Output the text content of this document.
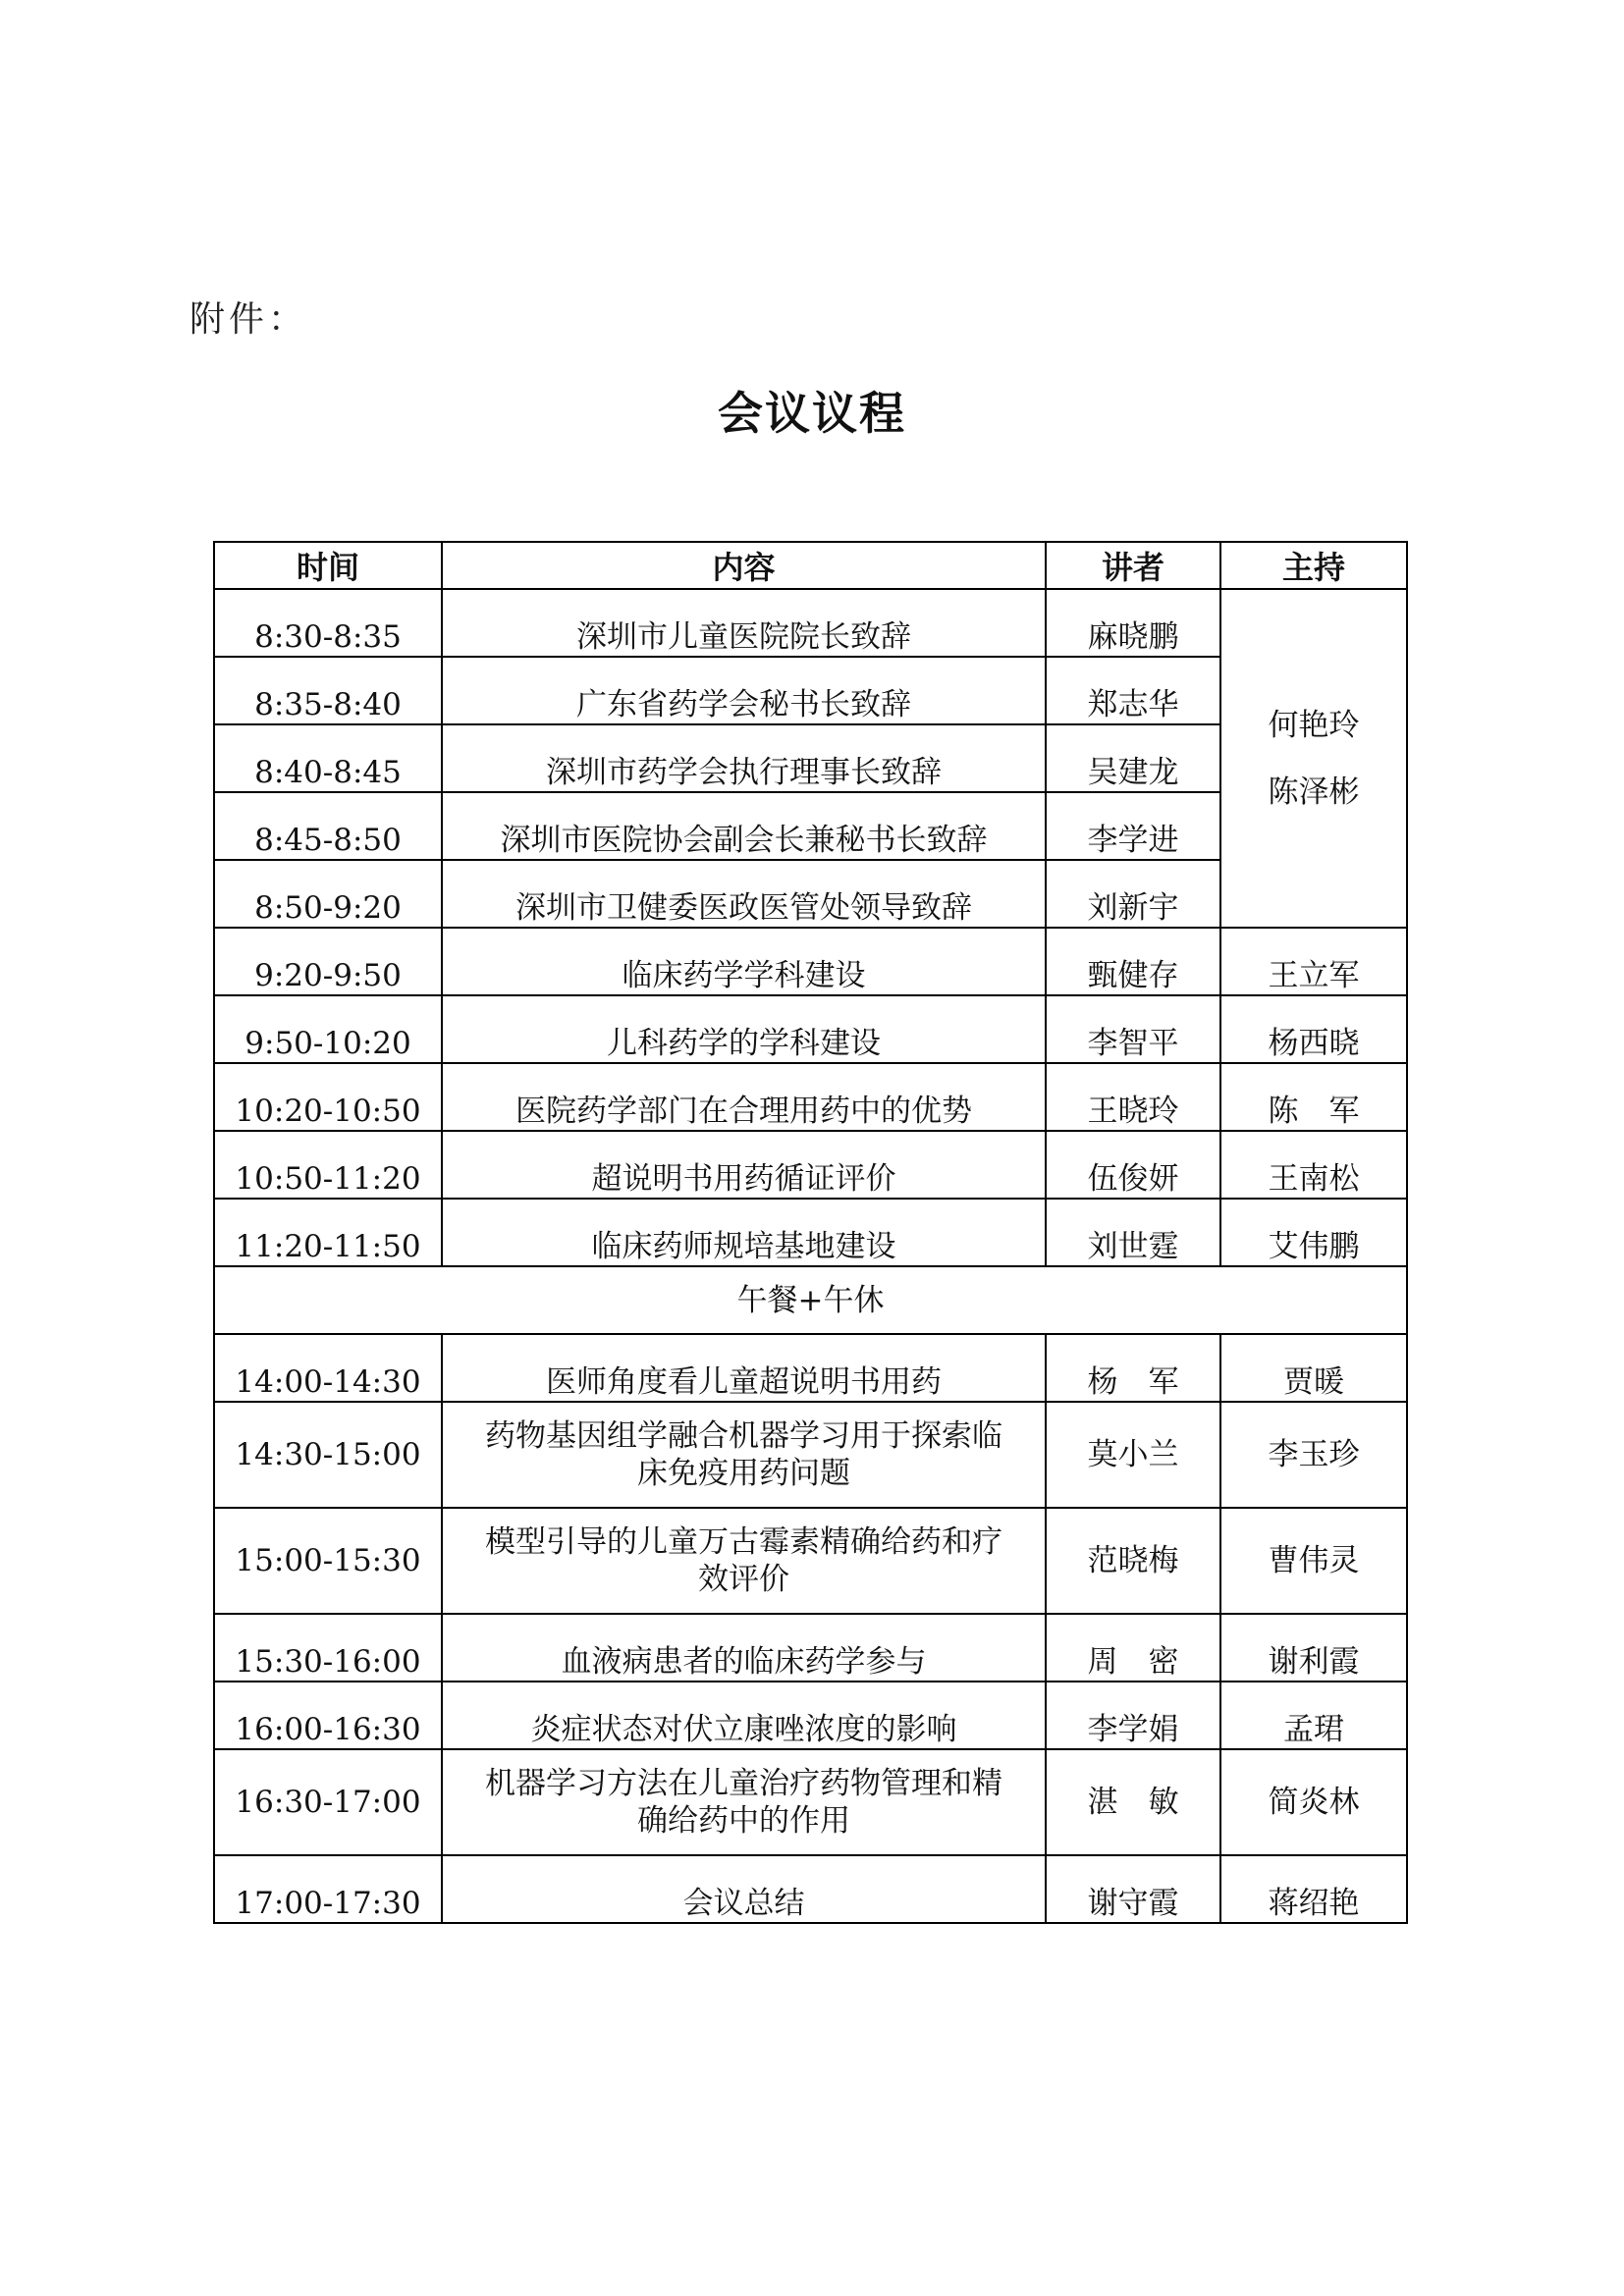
附件：
会议议程
时间	内容	讲者	主持
8:30-8:35	深圳市儿童医院院长致辞	麻晓鹏	何艳玲
陈泽彬

8:35-8:40	广东省药学会秘书长致辞	郑志华	
8:40-8:45	深圳市药学会执行理事长致辞	吴建龙	
8:45-8:50	深圳市医院协会副会长兼秘书长致辞	李学进	
8:50-9:20	深圳市卫健委医政医管处领导致辞	刘新宇	
9:20-9:50	临床药学学科建设	甄健存	王立军
9:50-10:20	儿科药学的学科建设	李智平	杨西晓
10:20-10:50	医院药学部门在合理用药中的优势	王晓玲	陈　军
10:50-11:20	超说明书用药循证评价	伍俊妍	王南松
11:20-11:50	临床药师规培基地建设	刘世霆	艾伟鹏
午餐+午休			
14:00-14:30	医师角度看儿童超说明书用药	杨　军	贾暖
14:30-15:00	药物基因组学融合机器学习用于探索临
床免疫用药问题	莫小兰	李玉珍
15:00-15:30	模型引导的儿童万古霉素精确给药和疗
效评价	范晓梅	曹伟灵
15:30-16:00	血液病患者的临床药学参与	周　密	谢利霞
16:00-16:30	炎症状态对伏立康唑浓度的影响	李学娟	孟珺
16:30-17:00	机器学习方法在儿童治疗药物管理和精
确给药中的作用	湛　敏	简炎林
17:00-17:30	会议总结	谢守霞	蒋绍艳
